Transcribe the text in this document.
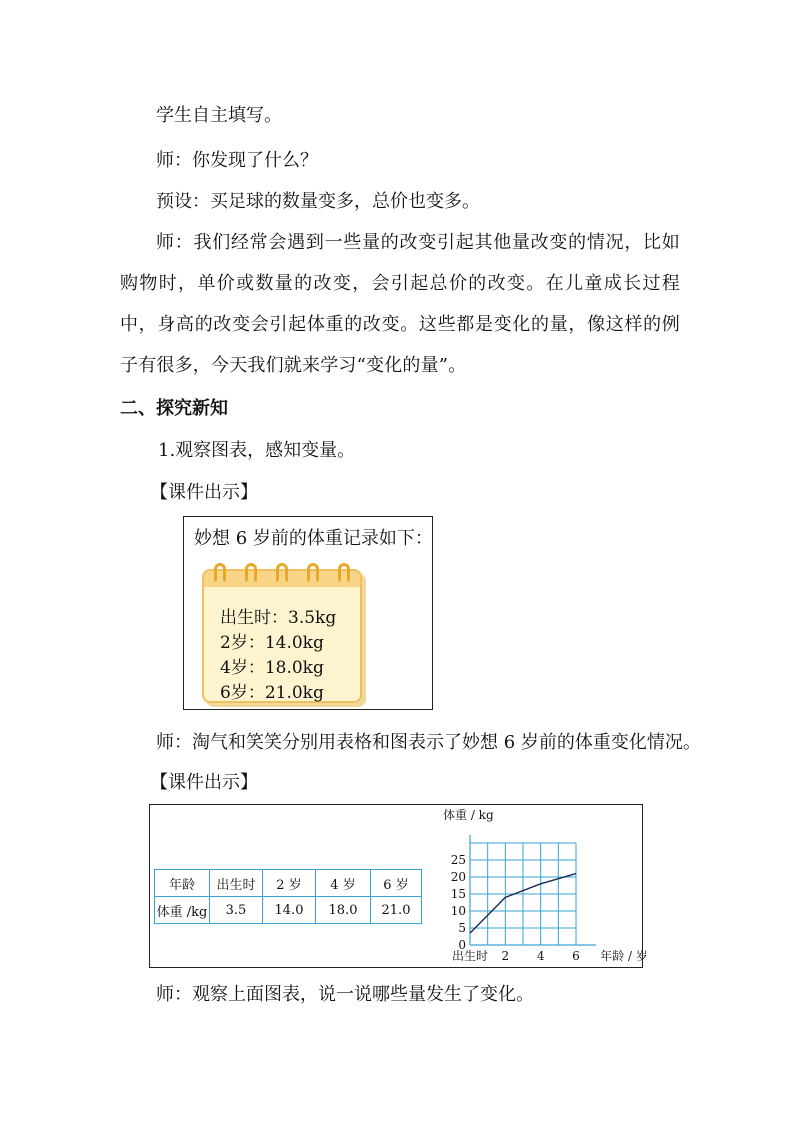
学生自主填写。
师：你发现了什么？
预设：买足球的数量变多，总价也变多。
师：我们经常会遇到一些量的改变引起其他量改变的情况，比如购物时，单价或数量的改变，会引起总价的改变。在儿童成长过程中，身高的改变会引起体重的改变。这些都是变化的量，像这样的例子有很多，今天我们就来学习“变化的量”。
二、探究新知
1.观察图表，感知变量。
【课件出示】
妙想 6 岁前的体重记录如下：
出生时：3.5kg
2岁：14.0kg
4岁：18.0kg
6岁：21.0kg
师：淘气和笑笑分别用表格和图表示了妙想 6 岁前的体重变化情况。
【课件出示】
年龄	出生时	2 岁	4 岁	6 岁
体重 /kg	3.5	14.0	18.0	21.0
0
5
10
15
20
25
出生时 2 4 6
体重 / kg
年龄 / 岁
师：观察上面图表，说一说哪些量发生了变化。
